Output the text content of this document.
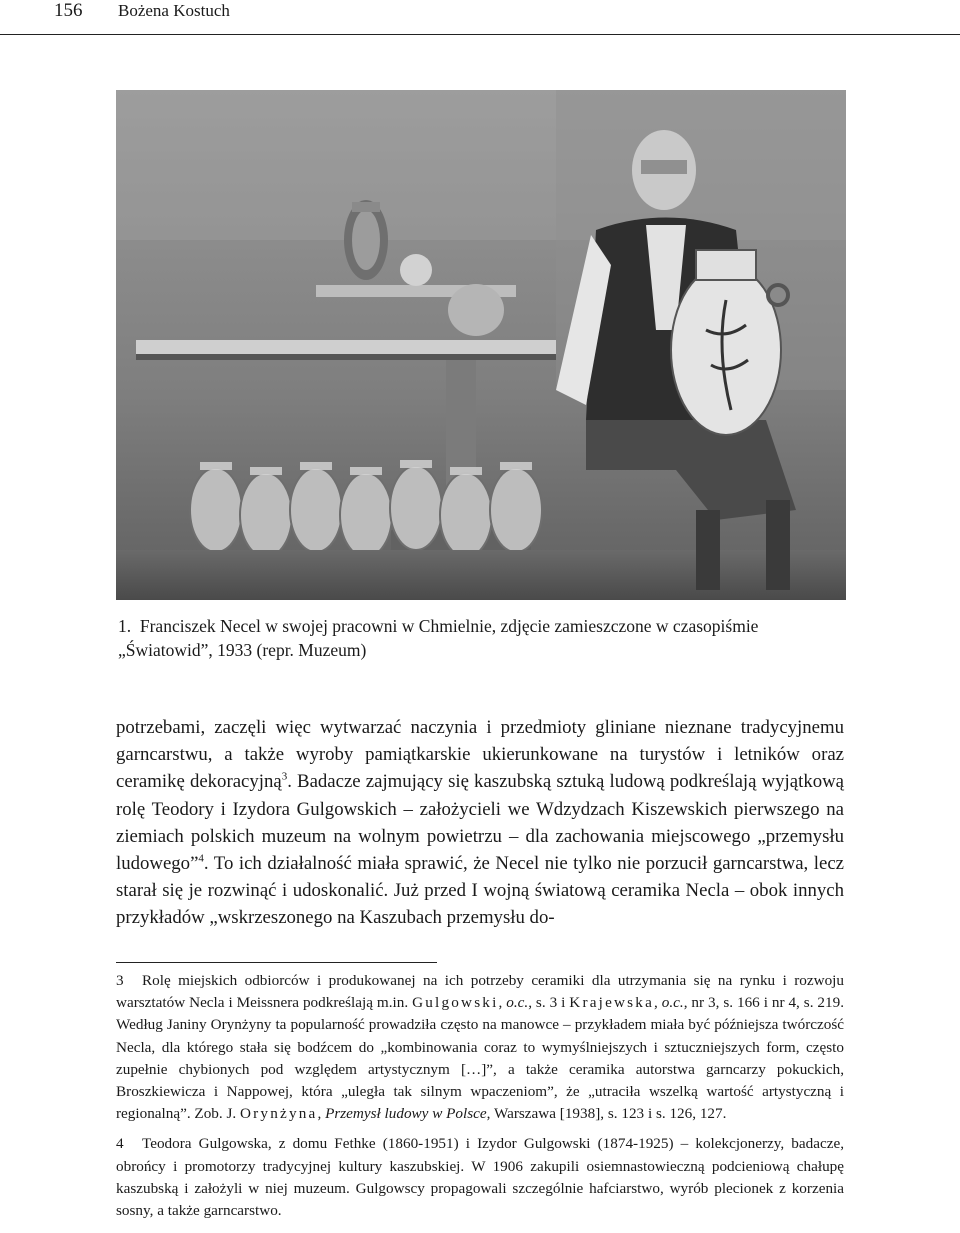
156 Bożena Kostuch
1. Franciszek Necel w swojej pracowni w Chmielnie, zdjęcie zamieszczone w czasopiśmie „Światowid”, 1933 (repr. Muzeum)

potrzebami, zaczęli więc wytwarzać naczynia i przedmioty gliniane nieznane tradycyjnemu garncarstwu, a także wyroby pamiątkarskie ukierunkowane na turystów i letników oraz ceramikę dekoracyjną$^3$. Badacze zajmujący się kaszubską sztuką ludową podkreślają wyjątkową rolę Teodory i Izydora Gulgowskich – założycieli we Wdzydzach Kiszewskich pierwszego na ziemiach polskich muzeum na wolnym powietrzu – dla zachowania miejscowego „przemysłu ludowego”$^4$. To ich działalność miała sprawić, że Necel nie tylko nie porzucił garncarstwa, lecz starał się je rozwinąć i udoskonalić. Już przed I wojną światową ceramika Necla – obok innych przykładów „wskrzeszonego na Kaszubach przemysłu do-

3 Rolę miejskich odbiorców i produkowanej na ich potrzeby ceramiki dla utrzymania się na rynku i rozwoju warsztatów Necla i Meissnera podkreślają m.in. Gulgowski, o.c., s. 3 i Krajewska, o.c., nr 3, s. 166 i nr 4, s. 219. Według Janiny Orynżyny ta popularność prowadziła często na manowce – przykładem miała być późniejsza twórczość Necla, dla którego stała się bodźcem do „kombinowania coraz to wymyślniejszych i sztuczniejszych form, często zupełnie chybionych pod względem artystycznym […]”, a także ceramika autorstwa garncarzy pokuckich, Broszkiewicza i Nappowej, która „uległa tak silnym wpaczeniom”, że „utraciła wszelką wartość artystyczną i regionalną”. Zob. J. Orynżyna, Przemysł ludowy w Polsce, Warszawa [1938], s. 123 i s. 126, 127.

4 Teodora Gulgowska, z domu Fethke (1860-1951) i Izydor Gulgowski (1874-1925) – kolekcjonerzy, badacze, obrońcy i promotorzy tradycyjnej kultury kaszubskiej. W 1906 zakupili osiemnastowieczną podcieniową chałupę kaszubską i założyli w niej muzeum. Gulgowscy propagowali szczególnie hafciarstwo, wyrób plecionek z korzenia sosny, a także garncarstwo.
